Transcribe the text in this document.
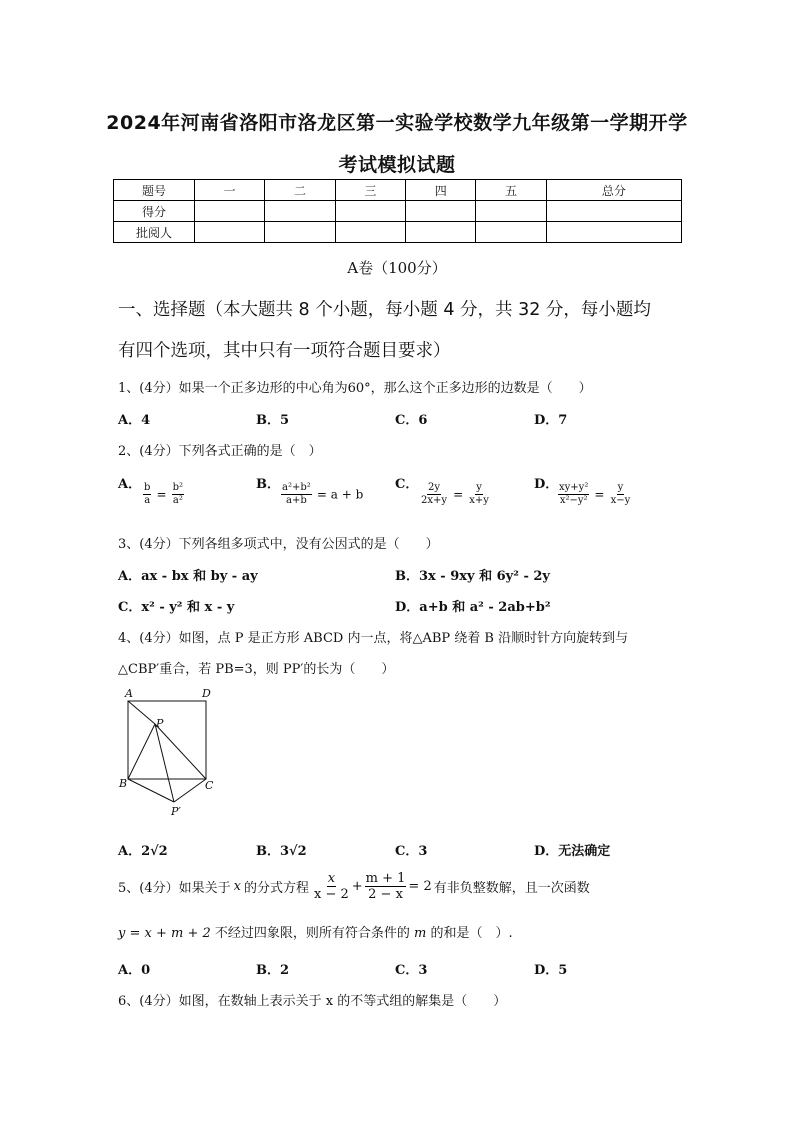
2024年河南省洛阳市洛龙区第一实验学校数学九年级第一学期开学
考试模拟试题
题号	一	二	三	四	五	总分
得分						
批阅人						
A卷（100分）
一、选择题（本大题共 8 个小题，每小题 4 分，共 32 分，每小题均
有四个选项，其中只有一项符合题目要求）
1、(4分）如果一个正多边形的中心角为60°，那么这个正多边形的边数是（　　）
A．4	B．5	C．6	D．7
2、(4分）下列各式正确的是（　）
A．	B．	C．	D．
$\frac{b}{a} = \frac{\text{b²}}{\text{a²}}$	$\frac{\text{a²+b²}}{a+b} = a + b$	$\frac{2y}{2x+y} = \frac{y}{x+y}$	$\frac{\text{xy+y²}}{\text{x²−y²}} = \frac{y}{x-y}$
3、(4分）下列各组多项式中，没有公因式的是（　　）
A．ax - bx 和 by - ay	B．3x - 9xy 和 6y² - 2y
C．x² - y² 和 x - y	D．a+b 和 a² - 2ab+b²
4、(4分）如图，点 P 是正方形 ABCD 内一点，将△ABP 绕着 B 沿顺时针方向旋转到与
△CBP′重合，若 PB=3，则 PP′的长为（　　）
A	D
P
B	C
P′
A．2√2	B．3√2	C．3	D．无法确定
5、(4分）如果关于 x 的分式方程 $\frac{x}{x - 2} + \frac{m + 1}{2 - x} = 2$ 有非负整数解，且一次函数
y = x + m + 2 不经过四象限，则所有符合条件的 m 的和是（　）.
A．0	B．2	C．3	D．5
6、(4分）如图，在数轴上表示关于 x 的不等式组的解集是（　　）
